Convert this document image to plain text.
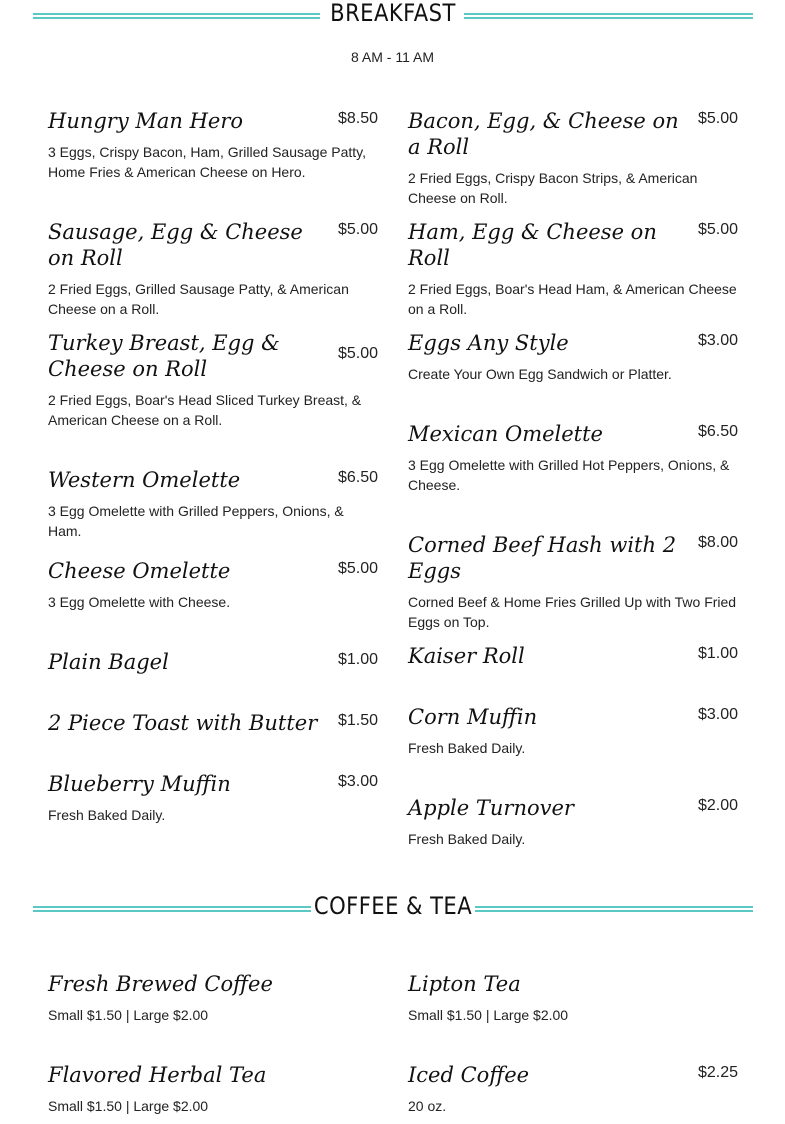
BREAKFAST
8 AM - 11 AM
Hungry Man Hero	$8.50
3 Eggs, Crispy Bacon, Ham, Grilled Sausage Patty, Home Fries & American Cheese on Hero.
Sausage, Egg & Cheese on Roll
$5.00
2 Fried Eggs, Grilled Sausage Patty, & American Cheese on a Roll.
Turkey Breast, Egg & Cheese on Roll
$5.00
2 Fried Eggs, Boar's Head Sliced Turkey Breast, & American Cheese on a Roll.
Western Omelette	$6.50
3 Egg Omelette with Grilled Peppers, Onions, & Ham.
Cheese Omelette	$5.00
3 Egg Omelette with Cheese.
Plain Bagel	$1.00
2 Piece Toast with Butter	$1.50
Blueberry Muffin	$3.00
Fresh Baked Daily.
Bacon, Egg, & Cheese on a Roll
$5.00
2 Fried Eggs, Crispy Bacon Strips, & American Cheese on Roll.
Ham, Egg & Cheese on Roll
$5.00
2 Fried Eggs, Boar's Head Ham, & American Cheese on a Roll.
Eggs Any Style	$3.00
Create Your Own Egg Sandwich or Platter.
Mexican Omelette	$6.50
3 Egg Omelette with Grilled Hot Peppers, Onions, & Cheese.
Corned Beef Hash with 2 Eggs
$8.00
Corned Beef & Home Fries Grilled Up with Two Fried Eggs on Top.
Kaiser Roll	$1.00
Corn Muffin	$3.00
Fresh Baked Daily.
Apple Turnover	$2.00
Fresh Baked Daily.
COFFEE & TEA
Fresh Brewed Coffee
Small $1.50 | Large $2.00
Flavored Herbal Tea
Small $1.50 | Large $2.00
Lipton Tea
Small $1.50 | Large $2.00
Iced Coffee	$2.25
20 oz.
